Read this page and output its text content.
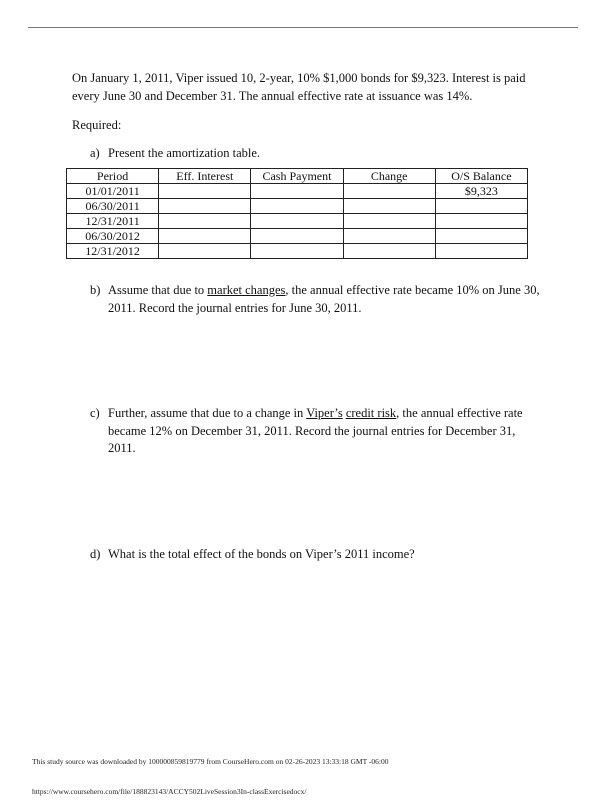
On January 1, 2011, Viper issued 10, 2-year, 10% $1,000 bonds for $9,323. Interest is paid every June 30 and December 31. The annual effective rate at issuance was 14%.

Required:

a) Present the amortization table.
Period	Eff. Interest	Cash Payment	Change	O/S Balance
01/01/2011				$9,323
06/30/2011				
12/31/2011				
06/30/2012				
12/31/2012				
b) Assume that due to market changes, the annual effective rate became 10% on June 30, 2011. Record the journal entries for June 30, 2011.
c) Further, assume that due to a change in Viper’s credit risk, the annual effective rate became 12% on December 31, 2011. Record the journal entries for December 31, 2011.
d) What is the total effect of the bonds on Viper’s 2011 income?
This study source was downloaded by 100000859819779 from CourseHero.com on 02-26-2023 13:33:18 GMT -06:00
https://www.coursehero.com/file/188823143/ACCY502LiveSession3In-classExercisedocx/
